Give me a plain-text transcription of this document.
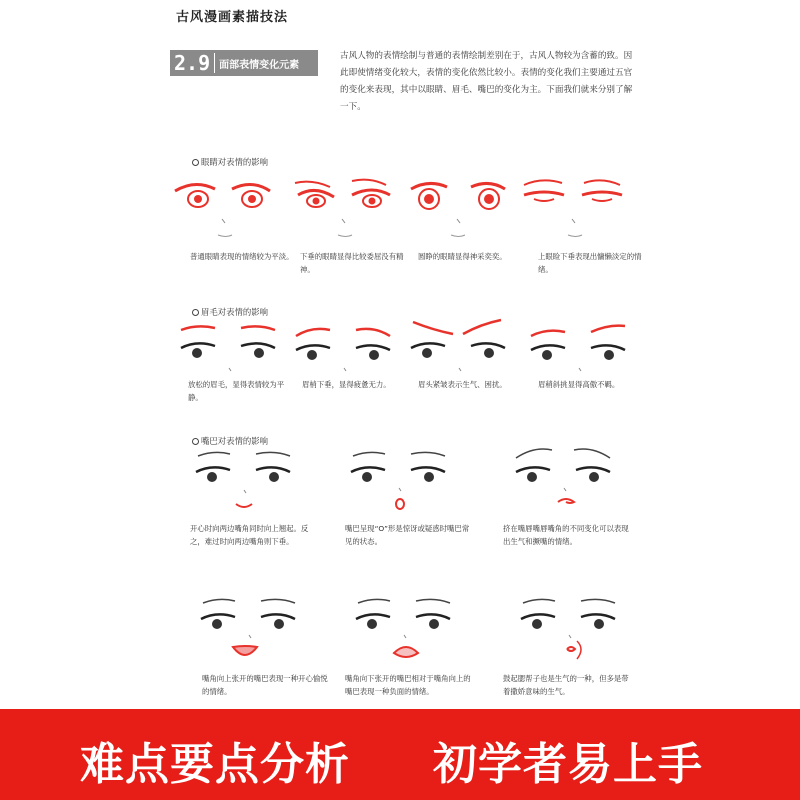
古风漫画素描技法
2.9 面部表情变化元素
古风人物的表情绘制与普通的表情绘制差别在于，古风人物较为含蓄的致。因此即使情绪变化较大，表情的变化依然比较小。表情的变化我们主要通过五官的变化来表现，其中以眼睛、眉毛、嘴巴的变化为主。下面我们就来分别了解一下。
眼睛对表情的影响
普通眼睛表现的情绪较为平淡。 下垂的眼睛显得比较委屈没有精神。
圆睁的眼睛显得神采奕奕。	上眼睑下垂表现出慵懒淡定的情绪。
眉毛对表情的影响
放松的眉毛，显得表情较为平静。
眉梢下垂，显得疲惫无力。	眉头紧皱表示生气、困扰。	眉稍斜挑显得高傲不羁。
嘴巴对表情的影响
开心时向两边嘴角同时向上翘起。反之，难过时向两边嘴角则下垂。
嘴巴呈现“O”形是惊讶或疑惑时嘴巴常见的状态。
挤在嘴唇嘴唇嘴角的不同变化可以表现出生气和撅嘴的情绪。
嘴角向上张开的嘴巴表现一种开心愉悦的情绪。
嘴角向下张开的嘴巴相对于嘴角向上的嘴巴表现一种负面的情绪。
鼓起腮帮子也是生气的一种，但多是带着撒娇意味的生气。
难点要点分析 初学者易上手
